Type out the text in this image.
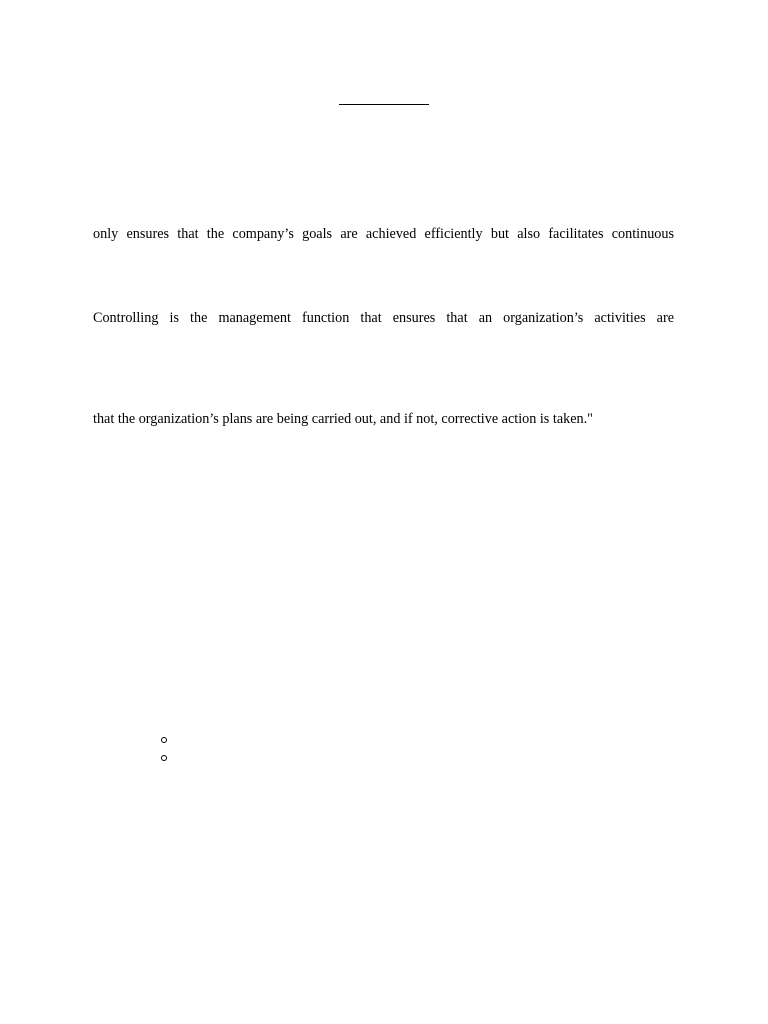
only ensures that the company’s goals are achieved efficiently but also facilitates continuous
Controlling is the management function that ensures that an organization’s activities are
that the organization’s plans are being carried out, and if not, corrective action is taken."
